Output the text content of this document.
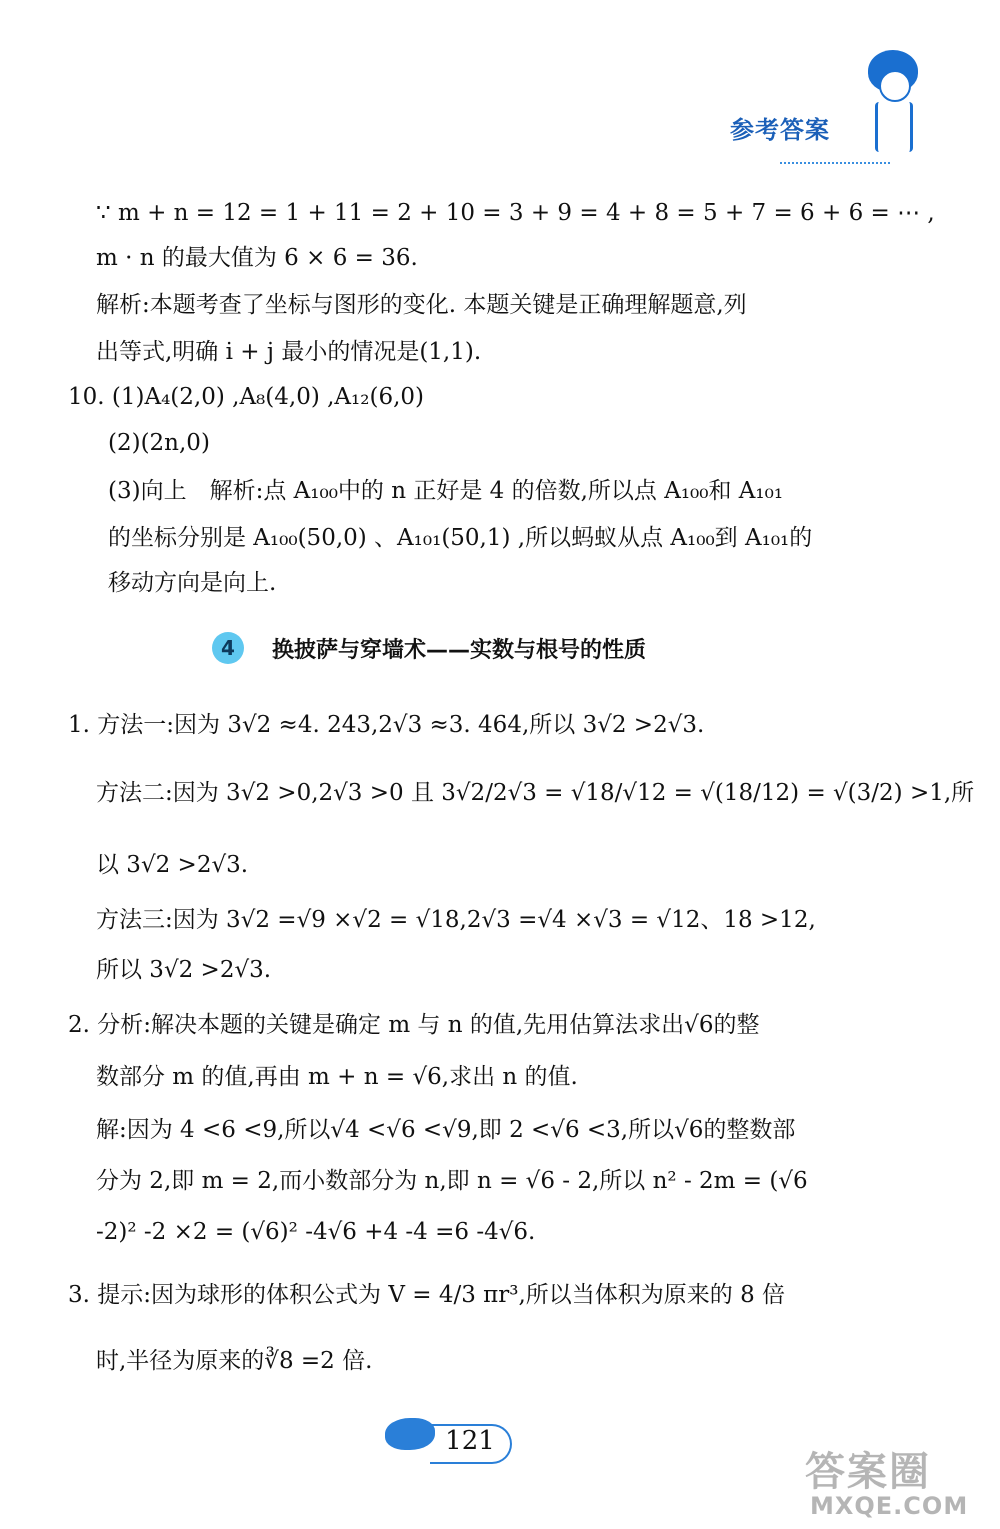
参考答案
∵ m + n = 12 = 1 + 11 = 2 + 10 = 3 + 9 = 4 + 8 = 5 + 7 = 6 + 6 = ⋯ ,
m · n 的最大值为 6 × 6 = 36.
解析:本题考查了坐标与图形的变化. 本题关键是正确理解题意,列
出等式,明确 i + j 最小的情况是(1,1).
10. (1)A₄(2,0) ,A₈(4,0) ,A₁₂(6,0)
(2)(2n,0)
(3)向上　解析:点 A₁₀₀中的 n 正好是 4 的倍数,所以点 A₁₀₀和 A₁₀₁
的坐标分别是 A₁₀₀(50,0) 、A₁₀₁(50,1) ,所以蚂蚁从点 A₁₀₀到 A₁₀₁的
移动方向是向上.
4	换披萨与穿墙术——实数与根号的性质
1. 方法一:因为 3√2 ≈4. 243,2√3 ≈3. 464,所以 3√2 >2√3.
方法二:因为 3√2 >0,2√3 >0 且 3√2/2√3 = √18/√12 = √(18/12) = √(3/2) >1,所
以 3√2 >2√3.
方法三:因为 3√2 =√9 ×√2 = √18,2√3 =√4 ×√3 = √12、18 >12,
所以 3√2 >2√3.
2. 分析:解决本题的关键是确定 m 与 n 的值,先用估算法求出√6的整
数部分 m 的值,再由 m + n = √6,求出 n 的值.
解:因为 4 <6 <9,所以√4 <√6 <√9,即 2 <√6 <3,所以√6的整数部
分为 2,即 m = 2,而小数部分为 n,即 n = √6 - 2,所以 n² - 2m = (√6
-2)² -2 ×2 = (√6)² -4√6 +4 -4 =6 -4√6.
3. 提示:因为球形的体积公式为 V = 4/3 πr³,所以当体积为原来的 8 倍
时,半径为原来的∛8 =2 倍.
121
答案圈
MXQE.COM
